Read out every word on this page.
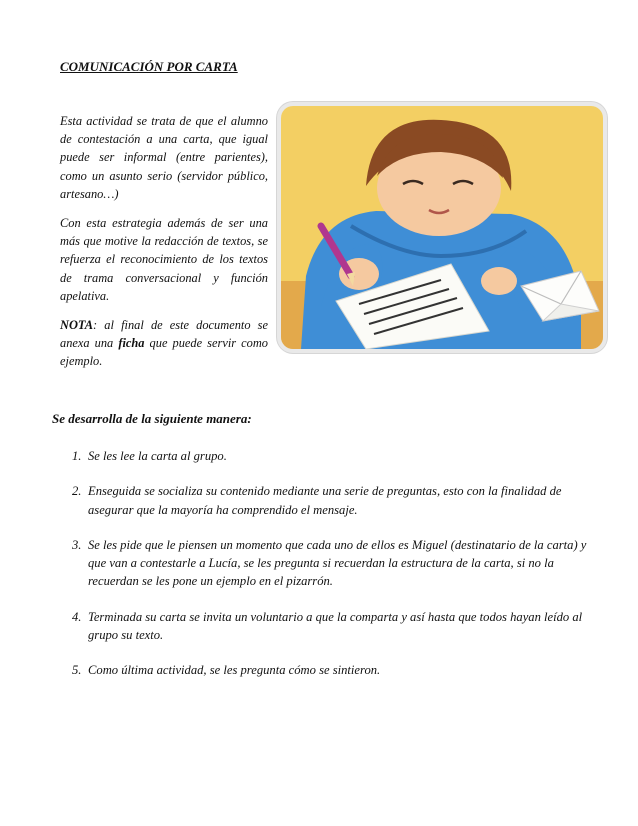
COMUNICACIÓN POR CARTA

Esta actividad se trata de que el alumno de contestación a una carta, que igual puede ser informal (entre parientes), como un asunto serio (servidor público, artesano…)

Con esta estrategia además de ser una más que motive la redacción de textos, se refuerza el reconocimiento de los textos de trama conversacional y función apelativa.

NOTA: al final de este documento se anexa una ficha que puede servir como ejemplo.

Se desarrolla de la siguiente manera:
1. Se les lee la carta al grupo.
2. Enseguida se socializa su contenido mediante una serie de preguntas, esto con la finalidad de asegurar que la mayoría ha comprendido el mensaje.
3. Se les pide que le piensen un momento que cada uno de ellos es Miguel (destinatario de la carta) y que van a contestarle a Lucía, se les pregunta si recuerdan la estructura de la carta, si no la recuerdan se les pone un ejemplo en el pizarrón.
4. Terminada su carta se invita un voluntario a que la comparta y así hasta que todos hayan leído al grupo su texto.
5. Como última actividad, se les pregunta cómo se sintieron.
